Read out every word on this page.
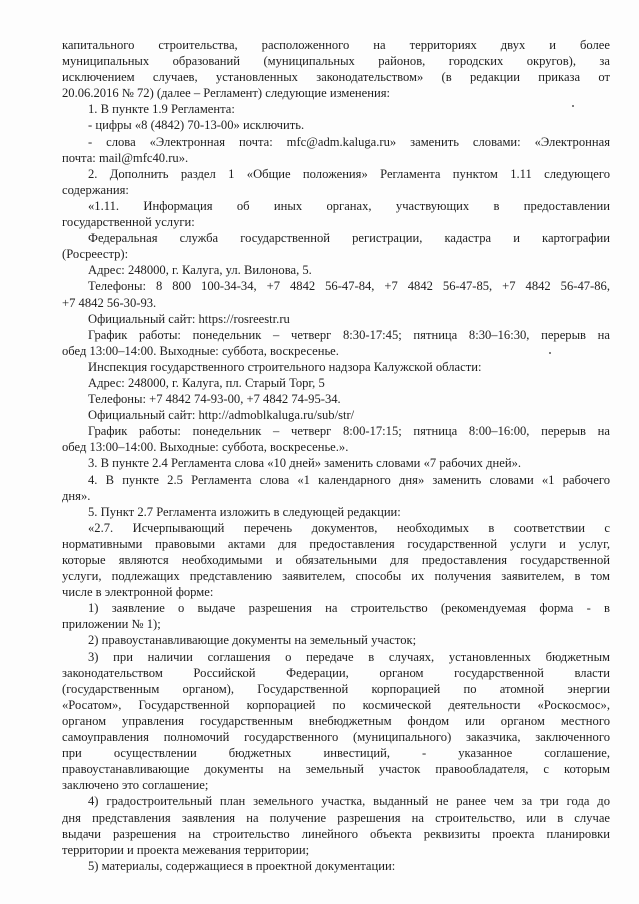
капитального строительства, расположенного на территориях двух и более
муниципальных образований (муниципальных районов, городских округов), за
исключением случаев, установленных законодательством» (в редакции приказа от
20.06.2016 № 72) (далее – Регламент) следующие изменения:
1. В пункте 1.9 Регламента:
- цифры «8 (4842) 70-13-00» исключить.
- слова «Электронная почта: mfc@adm.kaluga.ru» заменить словами: «Электронная
почта: mail@mfc40.ru».
2. Дополнить раздел 1 «Общие положения» Регламента пунктом 1.11 следующего
содержания:
«1.11. Информация об иных органах, участвующих в предоставлении
государственной услуги:
Федеральная служба государственной регистрации, кадастра и картографии
(Росреестр):
Адрес: 248000, г. Калуга, ул. Вилонова, 5.
Телефоны: 8 800 100-34-34, +7 4842 56-47-84, +7 4842 56-47-85, +7 4842 56-47-86,
+7 4842 56-30-93.
Официальный сайт: https://rosreestr.ru
График работы: понедельник – четверг 8:30-17:45; пятница 8:30–16:30, перерыв на
обед 13:00–14:00. Выходные: суббота, воскресенье.
Инспекция государственного строительного надзора Калужской области:
Адрес: 248000, г. Калуга, пл. Старый Торг, 5
Телефоны: +7 4842 74-93-00, +7 4842 74-95-34.
Официальный сайт: http://admoblkaluga.ru/sub/str/
График работы: понедельник – четверг 8:00-17:15; пятница 8:00–16:00, перерыв на
обед 13:00–14:00. Выходные: суббота, воскресенье.».
3. В пункте 2.4 Регламента слова «10 дней» заменить словами «7 рабочих дней».
4. В пункте 2.5 Регламента слова «1 календарного дня» заменить словами «1 рабочего
дня».
5. Пункт 2.7 Регламента изложить в следующей редакции:
«2.7. Исчерпывающий перечень документов, необходимых в соответствии с
нормативными правовыми актами для предоставления государственной услуги и услуг,
которые являются необходимыми и обязательными для предоставления государственной
услуги, подлежащих представлению заявителем, способы их получения заявителем, в том
числе в электронной форме:
1) заявление о выдаче разрешения на строительство (рекомендуемая форма - в
приложении № 1);
2) правоустанавливающие документы на земельный участок;
3) при наличии соглашения о передаче в случаях, установленных бюджетным
законодательством Российской Федерации, органом государственной власти
(государственным органом), Государственной корпорацией по атомной энергии
«Росатом», Государственной корпорацией по космической деятельности «Роскосмос»,
органом управления государственным внебюджетным фондом или органом местного
самоуправления полномочий государственного (муниципального) заказчика, заключенного
при осуществлении бюджетных инвестиций, - указанное соглашение,
правоустанавливающие документы на земельный участок правообладателя, с которым
заключено это соглашение;
4) градостроительный план земельного участка, выданный не ранее чем за три года до
дня представления заявления на получение разрешения на строительство, или в случае
выдачи разрешения на строительство линейного объекта реквизиты проекта планировки
территории и проекта межевания территории;
5) материалы, содержащиеся в проектной документации:
